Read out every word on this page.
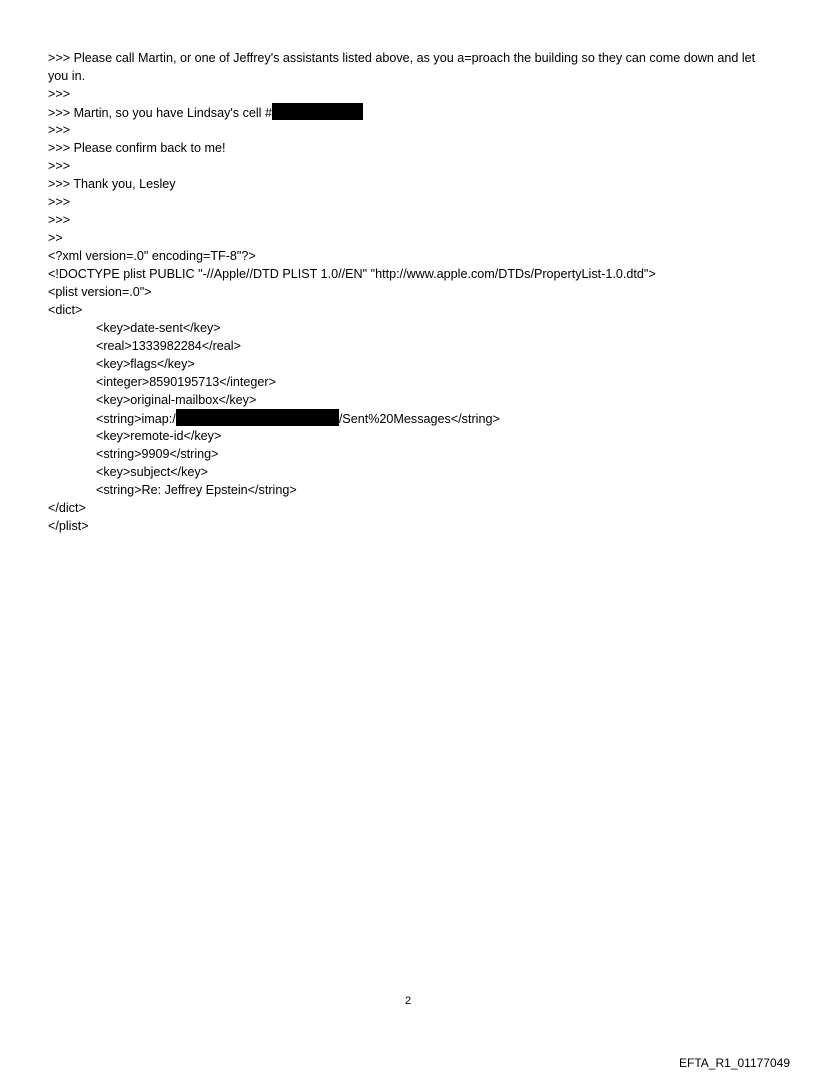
>>> Please call Martin, or one of Jeffrey's assistants listed above, as you a=proach the building so they can come down and let you in.
>>>
>>> Martin, so you have Lindsay's cell #
>>>
>>> Please confirm back to me!
>>>
>>> Thank you, Lesley
>>>
>>>
>>
<?xml version=.0" encoding=TF-8"?>
<!DOCTYPE plist PUBLIC "-//Apple//DTD PLIST 1.0//EN" "http://www.apple.com/DTDs/PropertyList-1.0.dtd">
<plist version=.0">
<dict>
<key>date-sent</key>
<real>1333982284</real>
<key>flags</key>
<integer>8590195713</integer>
<key>original-mailbox</key>
<string>imap:/	/Sent%20Messages</string>
<key>remote-id</key>
<string>9909</string>
<key>subject</key>
<string>Re: Jeffrey Epstein</string>
</dict>
</plist>
2
EFTA_R1_01177049
